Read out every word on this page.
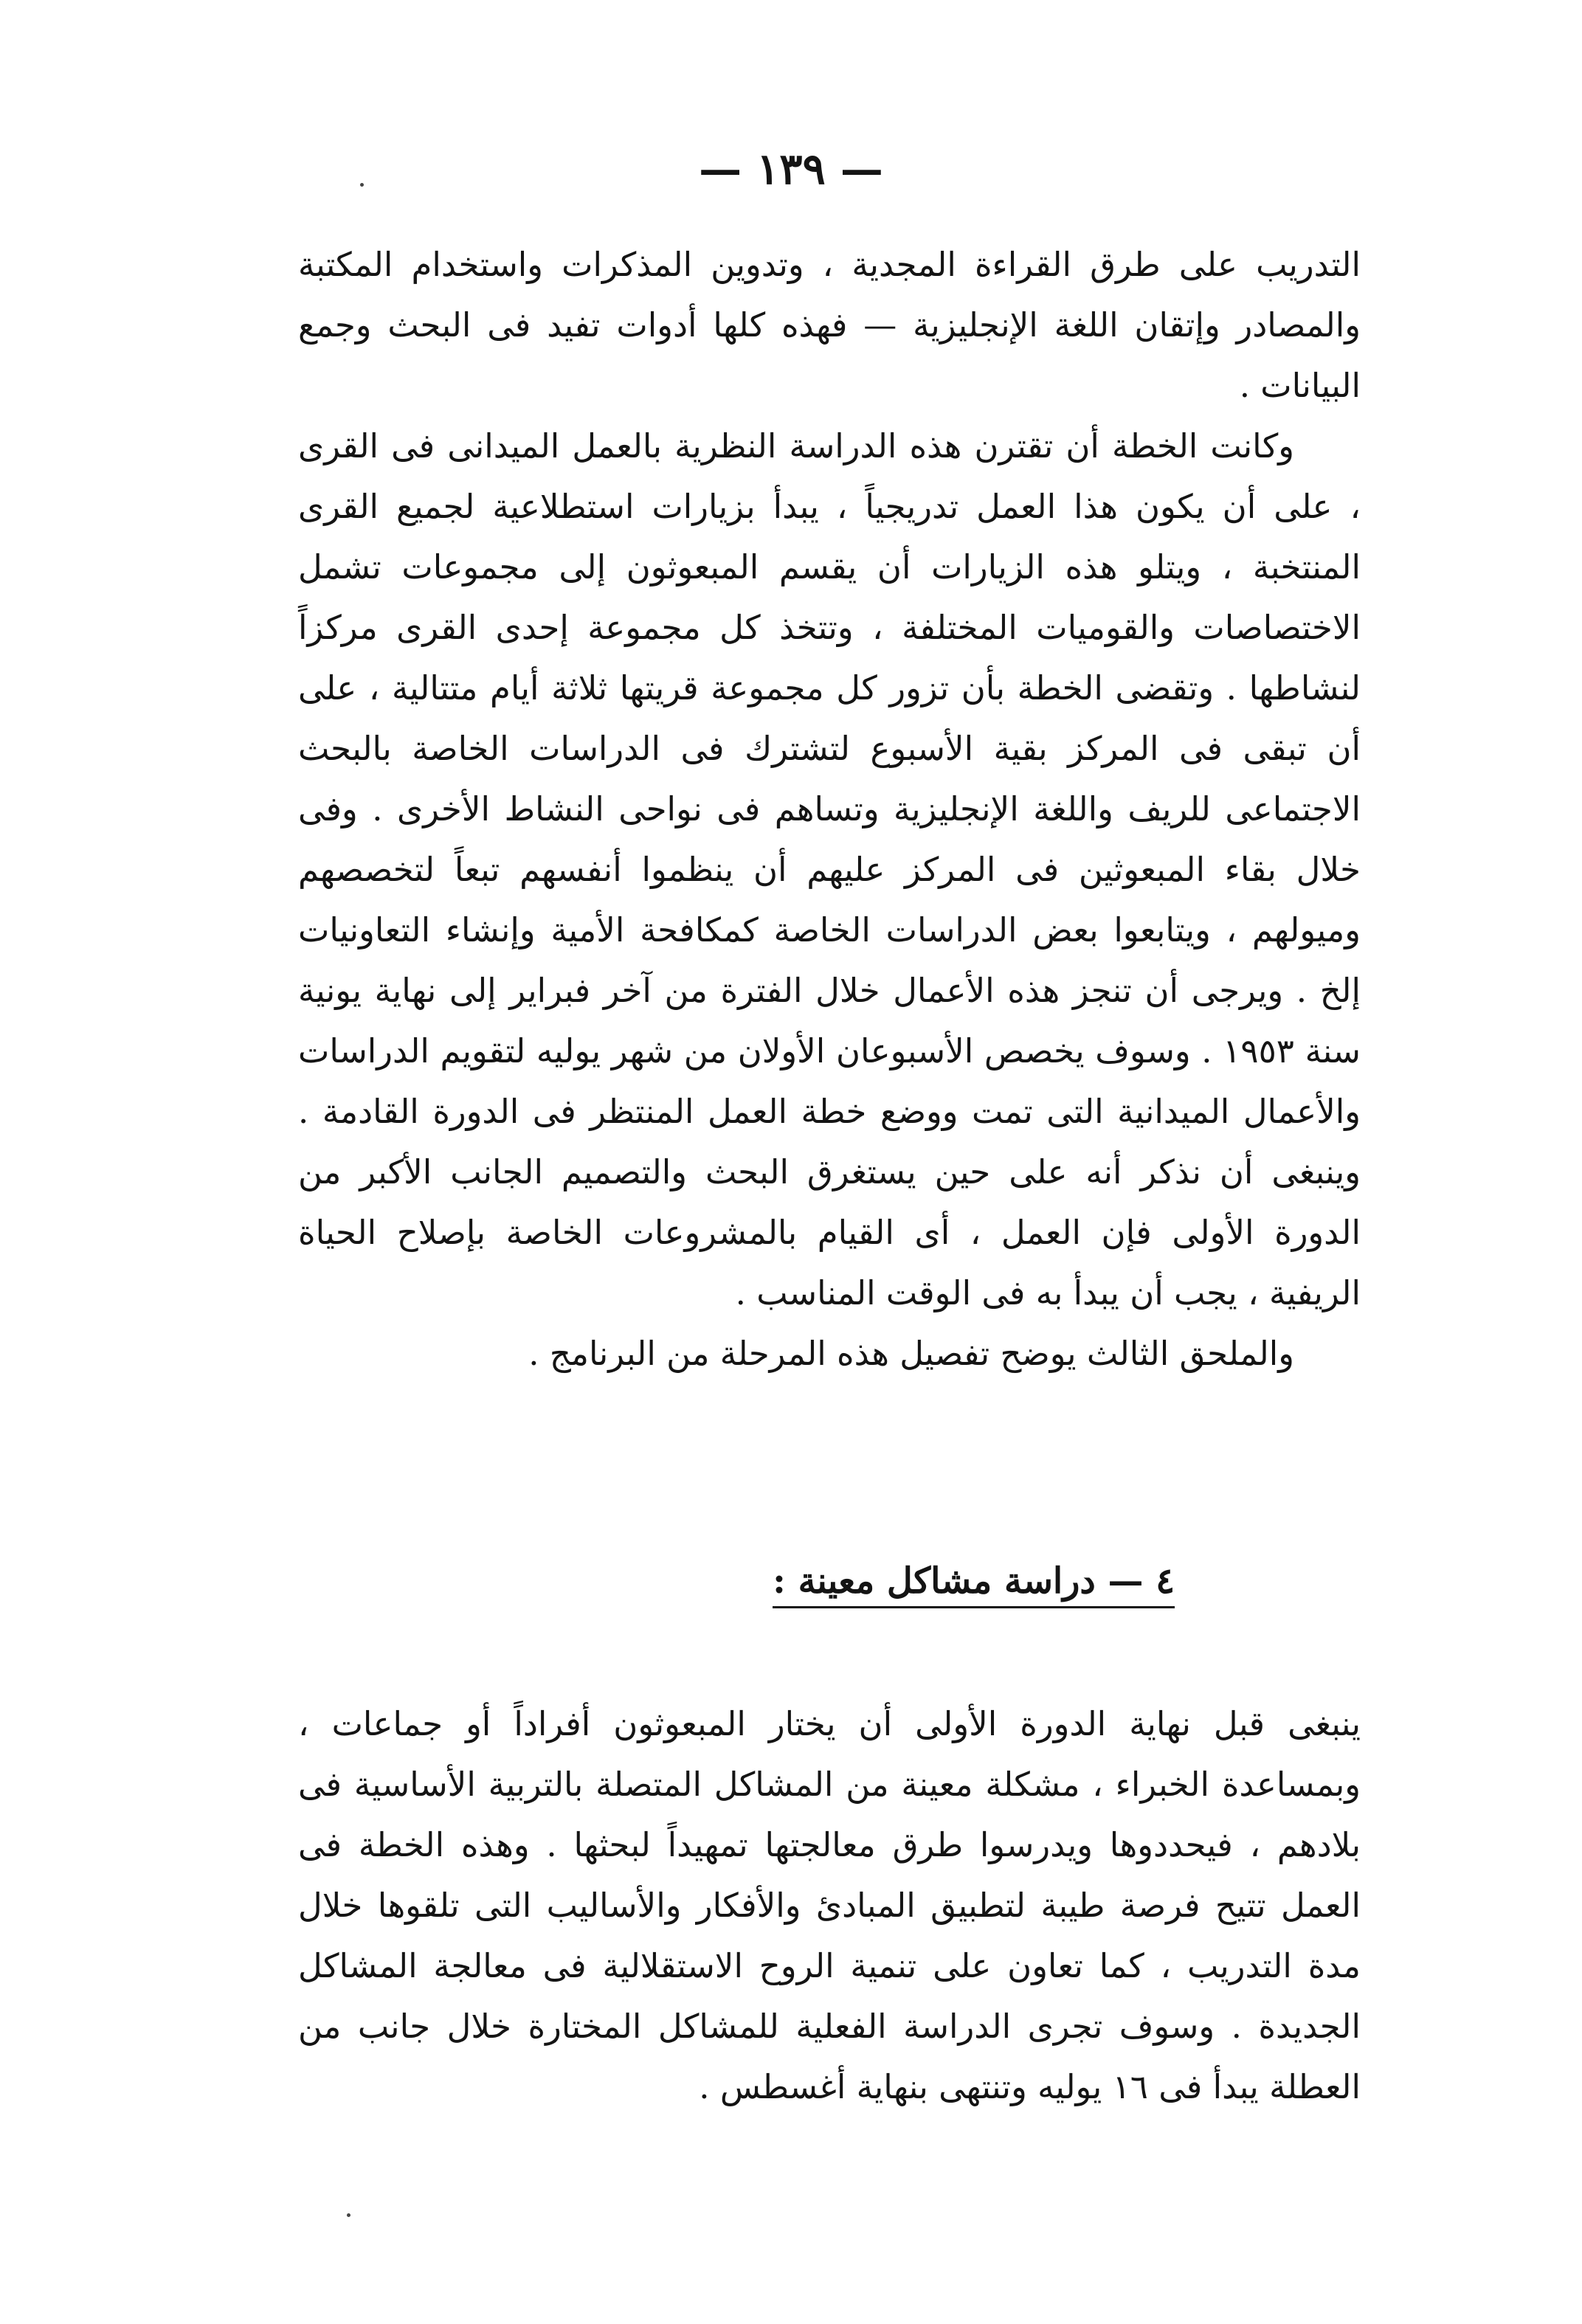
— ١٣٩ —

التدريب على طرق القراءة المجدية ، وتدوين المذكرات واستخدام المكتبة والمصادر وإتقان اللغة الإنجليزية — فهذه كلها أدوات تفيد فى البحث وجمع البيانات .

وكانت الخطة أن تقترن هذه الدراسة النظرية بالعمل الميدانى فى القرى ، على أن يكون هذا العمل تدريجياً ، يبدأ بزيارات استطلاعية لجميع القرى المنتخبة ، ويتلو هذه الزيارات أن يقسم المبعوثون إلى مجموعات تشمل الاختصاصات والقوميات المختلفة ، وتتخذ كل مجموعة إحدى القرى مركزاً لنشاطها . وتقضى الخطة بأن تزور كل مجموعة قريتها ثلاثة أيام متتالية ، على أن تبقى فى المركز بقية الأسبوع لتشترك فى الدراسات الخاصة بالبحث الاجتماعى للريف واللغة الإنجليزية وتساهم فى نواحى النشاط الأخرى . وفى خلال بقاء المبعوثين فى المركز عليهم أن ينظموا أنفسهم تبعاً لتخصصهم وميولهم ، ويتابعوا بعض الدراسات الخاصة كمكافحة الأمية وإنشاء التعاونيات إلخ . ويرجى أن تنجز هذه الأعمال خلال الفترة من آخر فبراير إلى نهاية يونية سنة ١٩٥٣ . وسوف يخصص الأسبوعان الأولان من شهر يوليه لتقويم الدراسات والأعمال الميدانية التى تمت ووضع خطة العمل المنتظر فى الدورة القادمة . وينبغى أن نذكر أنه على حين يستغرق البحث والتصميم الجانب الأكبر من الدورة الأولى فإن العمل ، أى القيام بالمشروعات الخاصة بإصلاح الحياة الريفية ، يجب أن يبدأ به فى الوقت المناسب .

والملحق الثالث يوضح تفصيل هذه المرحلة من البرنامج .

٤ — دراسة مشاكل معينة :

ينبغى قبل نهاية الدورة الأولى أن يختار المبعوثون أفراداً أو جماعات ، وبمساعدة الخبراء ، مشكلة معينة من المشاكل المتصلة بالتربية الأساسية فى بلادهم ، فيحددوها ويدرسوا طرق معالجتها تمهيداً لبحثها . وهذه الخطة فى العمل تتيح فرصة طيبة لتطبيق المبادئ والأفكار والأساليب التى تلقوها خلال مدة التدريب ، كما تعاون على تنمية الروح الاستقلالية فى معالجة المشاكل الجديدة . وسوف تجرى الدراسة الفعلية للمشاكل المختارة خلال جانب من العطلة يبدأ فى ١٦ يوليه وتنتهى بنهاية أغسطس .
